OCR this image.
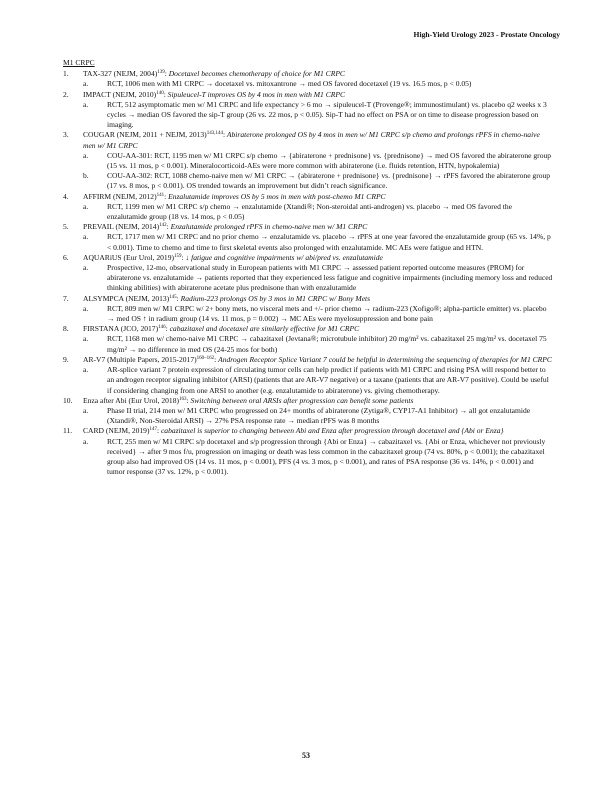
High-Yield Urology 2023 - Prostate Oncology
M1 CRPC
1.	TAX-327 (NEJM, 2004)$^{139}$: Docetaxel becomes chemotherapy of choice for M1 CRPC
a.	RCT, 1006 men with M1 CRPC → docetaxel vs. mitoxantrone → med OS favored docetaxel (19 vs. 16.5 mos, p < 0.05)
2.	IMPACT (NEJM, 2010)$^{140}$: Sipuleucel-T improves OS by 4 mos in men with M1 CRPC
a.	RCT, 512 asymptomatic men w/ M1 CRPC and life expectancy > 6 mo → sipuleucel-T (Provenge®; immunostimulant) vs. placebo q2 weeks x 3 cycles → median OS favored the sip-T group (26 vs. 22 mos, p < 0.05). Sip-T had no effect on PSA or on time to disease progression based on imaging.
3.	COUGAR (NEJM, 2011 + NEJM, 2013)$^{143,144}$: Abiraterone prolonged OS by 4 mos in men w/ M1 CRPC s/p chemo and prolongs rPFS in chemo-naive men w/ M1 CRPC
a.	COU-AA-301: RCT, 1195 men w/ M1 CRPC s/p chemo → {abiraterone + prednisone} vs. {prednisone} → med OS favored the abiraterone group (15 vs. 11 mos, p < 0.001). Mineralocorticoid-AEs were more common with abiraterone (i.e. fluids retention, HTN, hypokalemia)
b.	COU-AA-302: RCT, 1088 chemo-naive men w/ M1 CRPC → {abiraterone + prednisone} vs. {prednisone} → rPFS favored the abiraterone group (17 vs. 8 mos, p < 0.001). OS trended towards an improvement but didn’t reach significance.
4.	AFFIRM (NEJM, 2012)$^{141}$: Enzalutamide improves OS by 5 mos in men with post-chemo M1 CRPC
a.	RCT, 1199 men w/ M1 CRPC s/p chemo → enzalutamide (Xtandi®; Non-steroidal anti-androgen) vs. placebo → med OS favored the enzalutamide group (18 vs. 14 mos, p < 0.05)
5.	PREVAIL (NEJM, 2014)$^{142}$: Enzalutamide prolonged rPFS in chemo-naive men w/ M1 CRPC
a.	RCT, 1717 men w/ M1 CRPC and no prior chemo → enzalutamide vs. placebo → rPFS at one year favored the enzalutamide group (65 vs. 14%, p < 0.001). Time to chemo and time to first skeletal events also prolonged with enzalutamide. MC AEs were fatigue and HTN.
6.	AQUARiUS (Eur Urol, 2019)$^{159}$: ↓ fatigue and cognitive impairments w/ abi/pred vs. enzalutamide
a.	Prospective, 12-mo, observational study in European patients with M1 CRPC → assessed patient reported outcome measures (PROM) for abiraterone vs. enzalutamide → patients reported that they experienced less fatigue and cognitive impairments (including memory loss and reduced thinking abilities) with abiraterone acetate plus prednisone than with enzalutamide
7.	ALSYMPCA (NEJM, 2013)$^{145}$: Radium-223 prolongs OS by 3 mos in M1 CRPC w/ Bony Mets
a.	RCT, 809 men w/ M1 CRPC w/ 2+ bony mets, no visceral mets and +/- prior chemo → radium-223 (Xofigo®; alpha-particle emitter) vs. placebo → med OS ↑ in radium group (14 vs. 11 mos, p = 0.002) → MC AEs were myelosuppression and bone pain
8.	FIRSTANA (JCO, 2017)$^{146}$: cabazitaxel and docetaxel are similarly effective for M1 CRPC
a.	RCT, 1168 men w/ chemo-naive M1 CRPC → cabazitaxel (Jevtana®; microtubule inhibitor) 20 mg/m² vs. cabazitaxel 25 mg/m² vs. docetaxel 75 mg/m² → no difference in med OS (24-25 mos for both)
9.	AR-V7 (Multiple Papers, 2015-2017)$^{160-162}$: Androgen Receptor Splice Variant 7 could be helpful in determining the sequencing of therapies for M1 CRPC
a.	AR-splice variant 7 protein expression of circulating tumor cells can help predict if patients with M1 CRPC and rising PSA will respond better to an androgen receptor signaling inhibitor (ARSI) (patients that are AR-V7 negative) or a taxane (patients that are AR-V7 positive). Could be useful if considering changing from one ARSI to another (e.g. enzalutamide to abiraterone) vs. giving chemotherapy.
10.	Enza after Abi (Eur Urol, 2018)$^{163}$: Switching between oral ARSIs after progression can benefit some patients
a.	Phase II trial, 214 men w/ M1 CRPC who progressed on 24+ months of abiraterone (Zytiga®, CYP17-A1 Inhibitor) → all got enzalutamide (Xtandi®, Non-Steroidal ARSI) → 27% PSA response rate → median rPFS was 8 months
11.	CARD (NEJM, 2019)$^{147}$: cabazitaxel is superior to changing between Abi and Enza after progression through docetaxel and {Abi or Enza}
a.	RCT, 255 men w/ M1 CRPC s/p docetaxel and s/p progression through {Abi or Enza} → cabazitaxel vs. {Abi or Enza, whichever not previously received} → after 9 mos f/u, progression on imaging or death was less common in the cabazitaxel group (74 vs. 80%, p < 0.001); the cabazitaxel group also had improved OS (14 vs. 11 mos, p < 0.001), PFS (4 vs. 3 mos, p < 0.001), and rates of PSA response (36 vs. 14%, p < 0.001) and tumor response (37 vs. 12%, p < 0.001).
53
